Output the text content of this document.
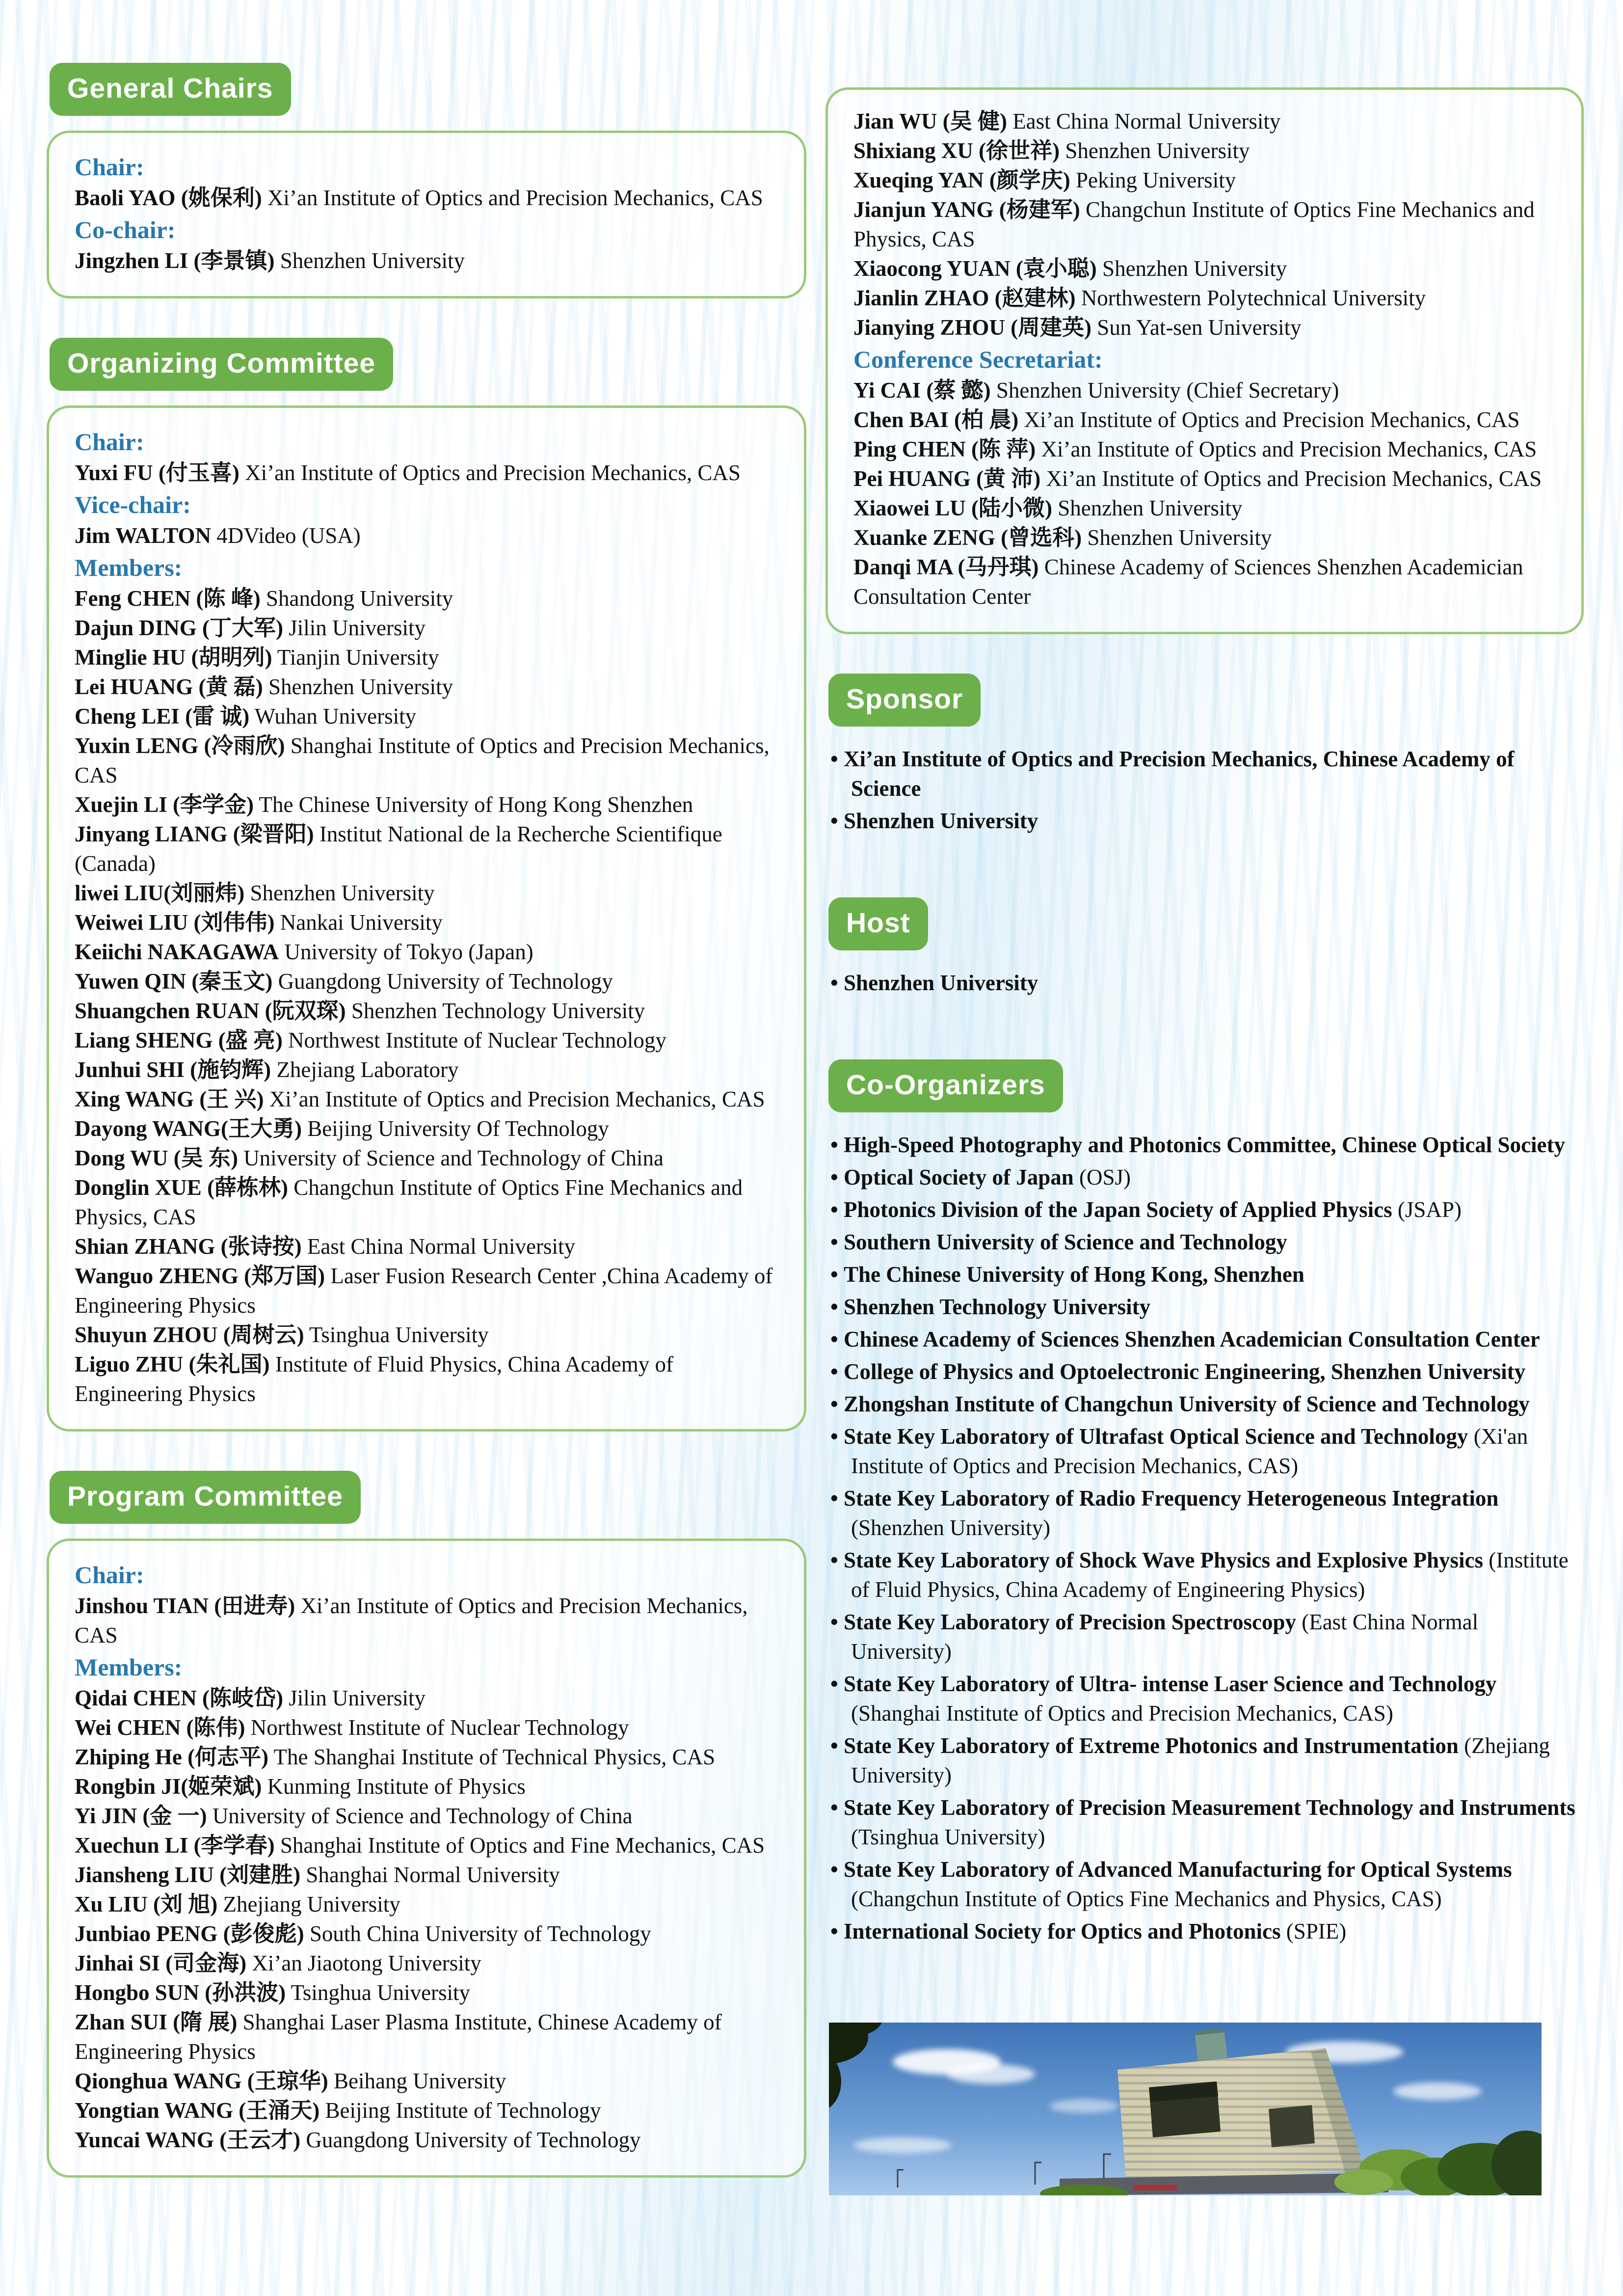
General Chairs
Chair:
Baoli YAO (姚保利) Xi’an Institute of Optics and Precision Mechanics, CAS
Co-chair:
Jingzhen LI (李景镇) Shenzhen University
Organizing Committee
Chair:
Yuxi FU (付玉喜) Xi’an Institute of Optics and Precision Mechanics, CAS
Vice-chair:
Jim WALTON 4DVideo (USA)
Members:
Feng CHEN (陈 峰) Shandong University
Dajun DING (丁大军) Jilin University
Minglie HU (胡明列) Tianjin University
Lei HUANG (黄 磊) Shenzhen University
Cheng LEI (雷 诚) Wuhan University
Yuxin LENG (冷雨欣) Shanghai Institute of Optics and Precision Mechanics, CAS
Xuejin LI (李学金) The Chinese University of Hong Kong Shenzhen
Jinyang LIANG (梁晋阳) Institut National de la Recherche Scientifique (Canada)
liwei LIU(刘丽炜) Shenzhen University
Weiwei LIU (刘伟伟) Nankai University
Keiichi NAKAGAWA University of Tokyo (Japan)
Yuwen QIN (秦玉文) Guangdong University of Technology
Shuangchen RUAN (阮双琛) Shenzhen Technology University
Liang SHENG (盛 亮) Northwest Institute of Nuclear Technology
Junhui SHI (施钧辉) Zhejiang Laboratory
Xing WANG (王 兴) Xi’an Institute of Optics and Precision Mechanics, CAS
Dayong WANG(王大勇) Beijing University Of Technology
Dong WU (吴 东) University of Science and Technology of China
Donglin XUE (薛栋林) Changchun Institute of Optics Fine Mechanics and Physics, CAS
Shian ZHANG (张诗按) East China Normal University
Wanguo ZHENG (郑万国) Laser Fusion Research Center ,China Academy of Engineering Physics
Shuyun ZHOU (周树云) Tsinghua University
Liguo ZHU (朱礼国) Institute of Fluid Physics, China Academy of Engineering Physics
Program Committee
Chair:
Jinshou TIAN (田进寿) Xi’an Institute of Optics and Precision Mechanics, CAS
Members:
Qidai CHEN (陈岐岱) Jilin University
Wei CHEN (陈伟) Northwest Institute of Nuclear Technology
Zhiping He (何志平) The Shanghai Institute of Technical Physics, CAS
Rongbin JI(姬荣斌) Kunming Institute of Physics
Yi JIN (金 一) University of Science and Technology of China
Xuechun LI (李学春) Shanghai Institute of Optics and Fine Mechanics, CAS
Jiansheng LIU (刘建胜) Shanghai Normal University
Xu LIU (刘 旭) Zhejiang University
Junbiao PENG (彭俊彪) South China University of Technology
Jinhai SI (司金海) Xi’an Jiaotong University
Hongbo SUN (孙洪波) Tsinghua University
Zhan SUI (隋 展) Shanghai Laser Plasma Institute, Chinese Academy of Engineering Physics
Qionghua WANG (王琼华) Beihang University
Yongtian WANG (王涌天) Beijing Institute of Technology
Yuncai WANG (王云才) Guangdong University of Technology
Jian WU (吴 健) East China Normal University
Shixiang XU (徐世祥) Shenzhen University
Xueqing YAN (颜学庆) Peking University
Jianjun YANG (杨建军) Changchun Institute of Optics Fine Mechanics and Physics, CAS
Xiaocong YUAN (袁小聪) Shenzhen University
Jianlin ZHAO (赵建林) Northwestern Polytechnical University
Jianying ZHOU (周建英) Sun Yat-sen University
Conference Secretariat:
Yi CAI (蔡 懿) Shenzhen University (Chief Secretary)
Chen BAI (柏 晨) Xi’an Institute of Optics and Precision Mechanics, CAS
Ping CHEN (陈 萍) Xi’an Institute of Optics and Precision Mechanics, CAS
Pei HUANG (黄 沛) Xi’an Institute of Optics and Precision Mechanics, CAS
Xiaowei LU (陆小微) Shenzhen University
Xuanke ZENG (曾选科) Shenzhen University
Danqi MA (马丹琪) Chinese Academy of Sciences Shenzhen Academician Consultation Center
Sponsor
• Xi’an Institute of Optics and Precision Mechanics, Chinese Academy of Science
• Shenzhen University
Host
• Shenzhen University
Co-Organizers
• High-Speed Photography and Photonics Committee, Chinese Optical Society
• Optical Society of Japan (OSJ)
• Photonics Division of the Japan Society of Applied Physics (JSAP)
• Southern University of Science and Technology
• The Chinese University of Hong Kong, Shenzhen
• Shenzhen Technology University
• Chinese Academy of Sciences Shenzhen Academician Consultation Center
• College of Physics and Optoelectronic Engineering, Shenzhen University
• Zhongshan Institute of Changchun University of Science and Technology
• State Key Laboratory of Ultrafast Optical Science and Technology (Xi'an Institute of Optics and Precision Mechanics, CAS)
• State Key Laboratory of Radio Frequency Heterogeneous Integration (Shenzhen University)
• State Key Laboratory of Shock Wave Physics and Explosive Physics (Institute of Fluid Physics, China Academy of Engineering Physics)
• State Key Laboratory of Precision Spectroscopy (East China Normal University)
• State Key Laboratory of Ultra- intense Laser Science and Technology (Shanghai Institute of Optics and Precision Mechanics, CAS)
• State Key Laboratory of Extreme Photonics and Instrumentation (Zhejiang University)
• State Key Laboratory of Precision Measurement Technology and Instruments (Tsinghua University)
• State Key Laboratory of Advanced Manufacturing for Optical Systems (Changchun Institute of Optics Fine Mechanics and Physics, CAS)
• International Society for Optics and Photonics (SPIE)
